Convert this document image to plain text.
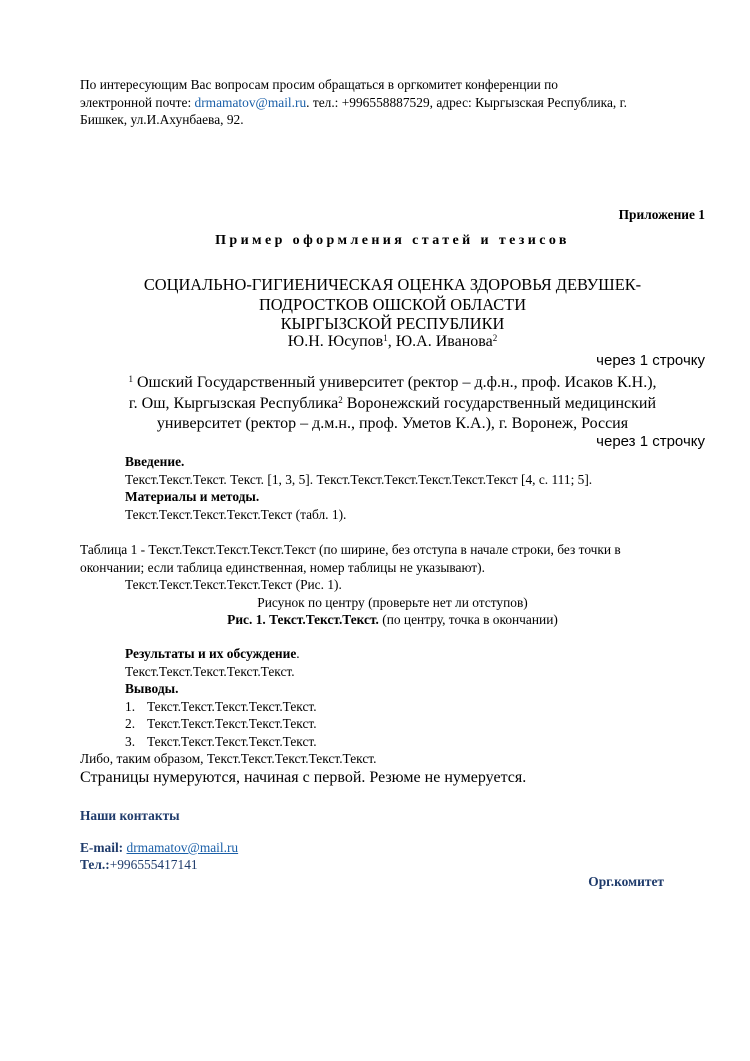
По интересующим Вас вопросам просим обращаться в оргкомитет конференции по
электронной почте: drmamatov@mail.ru. тел.: +996558887529, адрес: Кыргызская Республика, г.
Бишкек, ул.И.Ахунбаева, 92.
Приложение 1
Пример оформления статей и тезисов
СОЦИАЛЬНО-ГИГИЕНИЧЕСКАЯ ОЦЕНКА ЗДОРОВЬЯ ДЕВУШЕК-
ПОДРОСТКОВ ОШСКОЙ ОБЛАСТИ
КЫРГЫЗСКОЙ РЕСПУБЛИКИ
Ю.Н. Юсупов$^1$, Ю.А. Иванова$^2$
через 1 строчку
$^1$ Ошский Государственный университет (ректор – д.ф.н., проф. Исаков К.Н.),
г. Ош, Кыргызская Республика$^2$ Воронежский государственный медицинский
университет (ректор – д.м.н., проф. Уметов К.А.), г. Воронеж, Россия
через 1 строчку
Введение.
Текст.Текст.Текст. Текст. [1, 3, 5]. Текст.Текст.Текст.Текст.Текст.Текст [4, с. 111; 5].
Материалы и методы.
Текст.Текст.Текст.Текст.Текст (табл. 1).
Таблица 1 - Текст.Текст.Текст.Текст.Текст (по ширине, без отступа в начале строки, без точки в
окончании; если таблица единственная, номер таблицы не указывают).
Текст.Текст.Текст.Текст.Текст (Рис. 1).
Рисунок по центру (проверьте нет ли отступов)
Рис. 1. Текст.Текст.Текст. (по центру, точка в окончании)
Результаты и их обсуждение.
Текст.Текст.Текст.Текст.Текст.
Выводы.
1. Текст.Текст.Текст.Текст.Текст.
2. Текст.Текст.Текст.Текст.Текст.
3. Текст.Текст.Текст.Текст.Текст.
Либо, таким образом, Текст.Текст.Текст.Текст.Текст.
Страницы нумеруются, начиная с первой. Резюме не нумеруется.
Наши контакты
E-mail: drmamatov@mail.ru
Тел.:+996555417141
Орг.комитет
